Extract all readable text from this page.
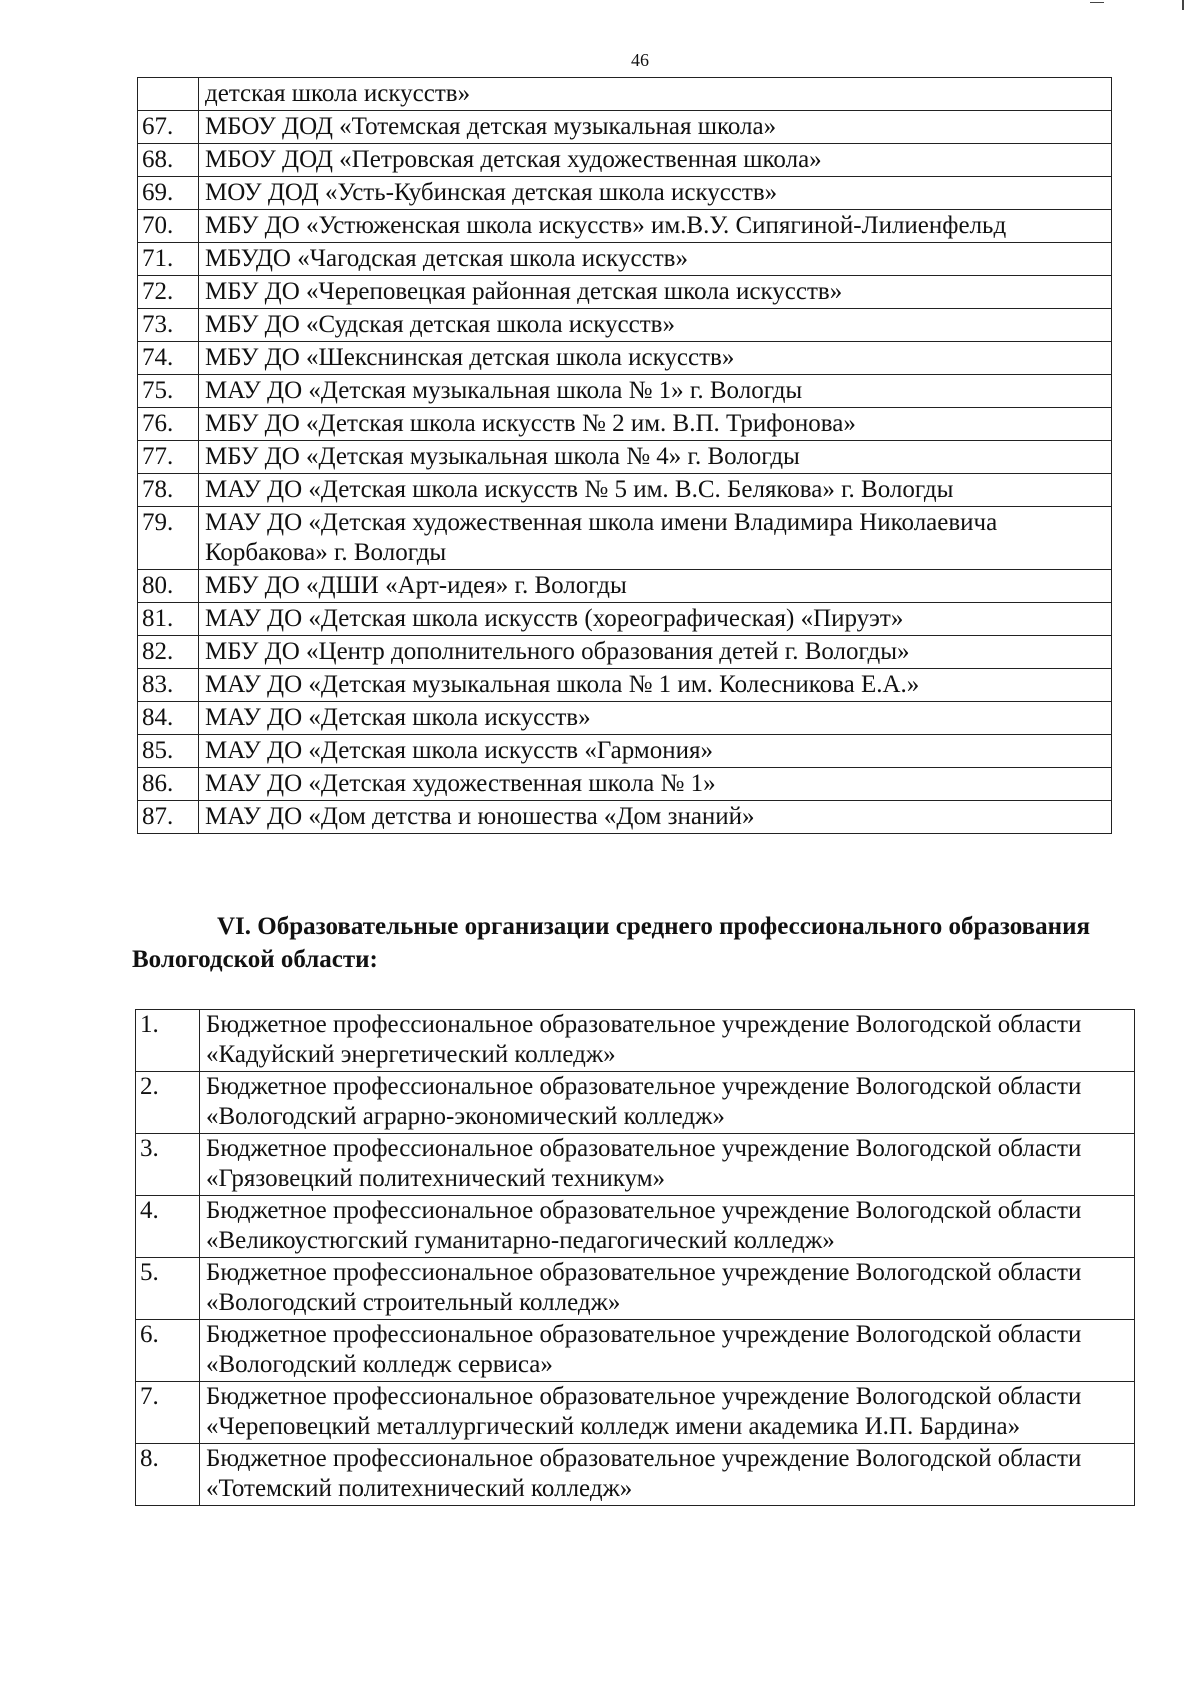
46
	детская школа искусств»
67.	МБОУ ДОД «Тотемская детская музыкальная школа»
68.	МБОУ ДОД «Петровская детская художественная школа»
69.	МОУ ДОД «Усть-Кубинская детская школа искусств»
70.	МБУ ДО «Устюженская школа искусств» им.В.У. Сипягиной-Лилиенфельд
71.	МБУДО «Чагодская детская школа искусств»
72.	МБУ ДО «Череповецкая районная детская школа искусств»
73.	МБУ ДО «Судская детская школа искусств»
74.	МБУ ДО «Шекснинская детская школа искусств»
75.	МАУ ДО «Детская музыкальная школа № 1» г. Вологды
76.	МБУ ДО «Детская школа искусств № 2 им. В.П. Трифонова»
77.	МБУ ДО «Детская музыкальная школа № 4» г. Вологды
78.	МАУ ДО «Детская школа искусств № 5 им. В.С. Белякова» г. Вологды
79.	МАУ ДО «Детская художественная школа имени Владимира Николаевича Корбакова» г. Вологды
80.	МБУ ДО «ДШИ «Арт-идея» г. Вологды
81.	МАУ ДО «Детская школа искусств (хореографическая) «Пируэт»
82.	МБУ ДО «Центр дополнительного образования детей г. Вологды»
83.	МАУ ДО «Детская музыкальная школа № 1 им. Колесникова Е.А.»
84.	МАУ ДО «Детская школа искусств»
85.	МАУ ДО «Детская школа искусств «Гармония»
86.	МАУ ДО «Детская художественная школа № 1»
87.	МАУ ДО «Дом детства и юношества «Дом знаний»
VI. Образовательные организации среднего профессионального образования Вологодской области:
1.	Бюджетное профессиональное образовательное учреждение Вологодской области «Кадуйский энергетический колледж»
2.	Бюджетное профессиональное образовательное учреждение Вологодской области «Вологодский аграрно-экономический колледж»
3.	Бюджетное профессиональное образовательное учреждение Вологодской области «Грязовецкий политехнический техникум»
4.	Бюджетное профессиональное образовательное учреждение Вологодской области «Великоустюгский гуманитарно-педагогический колледж»
5.	Бюджетное профессиональное образовательное учреждение Вологодской области «Вологодский строительный колледж»
6.	Бюджетное профессиональное образовательное учреждение Вологодской области «Вологодский колледж сервиса»
7.	Бюджетное профессиональное образовательное учреждение Вологодской области «Череповецкий металлургический колледж имени академика И.П. Бардина»
8.	Бюджетное профессиональное образовательное учреждение Вологодской области «Тотемский политехнический колледж»
